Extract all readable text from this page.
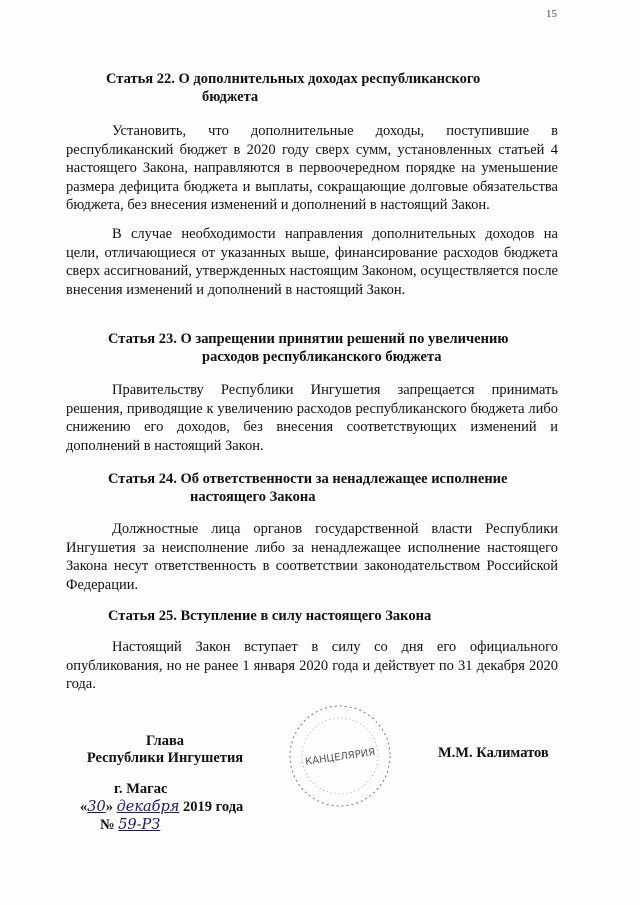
15
Статья 22. О дополнительных доходах республиканского
бюджета

Установить, что дополнительные доходы, поступившие в республиканский бюджет в 2020 году сверх сумм, установленных статьей 4 настоящего Закона, направляются в первоочередном порядке на уменьшение размера дефицита бюджета и выплаты, сокращающие долговые обязательства бюджета, без внесения изменений и дополнений в настоящий Закон.

В случае необходимости направления дополнительных доходов на цели, отличающиеся от указанных выше, финансирование расходов бюджета сверх ассигнований, утвержденных настоящим Законом, осуществляется после внесения изменений и дополнений в настоящий Закон.

Статья 23. О запрещении принятии решений по увеличению
расходов республиканского бюджета

Правительству Республики Ингушетия запрещается принимать решения, приводящие к увеличению расходов республиканского бюджета либо снижению его доходов, без внесения соответствующих изменений и дополнений в настоящий Закон.

Статья 24. Об ответственности за ненадлежащее исполнение
настоящего Закона

Должностные лица органов государственной власти Республики Ингушетия за неисполнение либо за ненадлежащее исполнение настоящего Закона несут ответственность в соответствии законодательством Российской Федерации.

Статья 25. Вступление в силу настоящего Закона

Настоящий Закон вступает в силу со дня его официального опубликования, но не ранее 1 января 2020 года и действует по 31 декабря 2020 года.

КАНЦЕЛЯРИЯ
Глава
Республики Ингушетия	М.М. Калиматов
г. Магас
«30» декабря 2019 года
№ 59-РЗ
